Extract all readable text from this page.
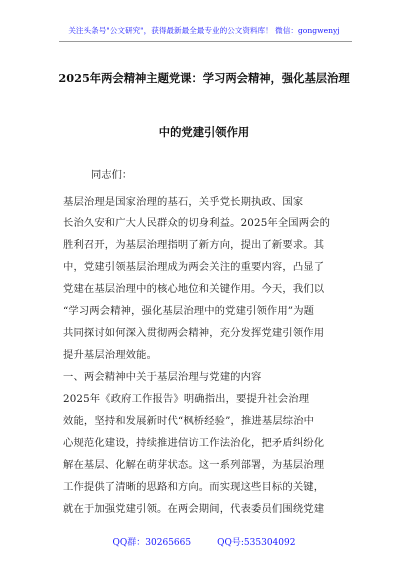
关注头条号"公文研究"，获得最新最全最专业的公文资料库！ 微信：gongwenyj
2025年两会精神主题党课：学习两会精神，强化基层治理
中的党建引领作用
同志们：
基层治理是国家治理的基石，关乎党长期执政、国家
长治久安和广大人民群众的切身利益。2025年全国两会的
胜利召开，为基层治理指明了新方向，提出了新要求。其
中，党建引领基层治理成为两会关注的重要内容，凸显了
党建在基层治理中的核心地位和关键作用。今天，我们以
“学习两会精神，强化基层治理中的党建引领作用”为题
共同探讨如何深入贯彻两会精神，充分发挥党建引领作用
提升基层治理效能。
一、两会精神中关于基层治理与党建的内容
2025年《政府工作报告》明确指出，要提升社会治理
效能，坚持和发展新时代“枫桥经验”，推进基层综治中
心规范化建设，持续推进信访工作法治化，把矛盾纠纷化
解在基层、化解在萌芽状态。这一系列部署，为基层治理
工作提供了清晰的思路和方向。而实现这些目标的关键，
就在于加强党建引领。在两会期间，代表委员们围绕党建
QQ群：30265665	QQ号:535304092
